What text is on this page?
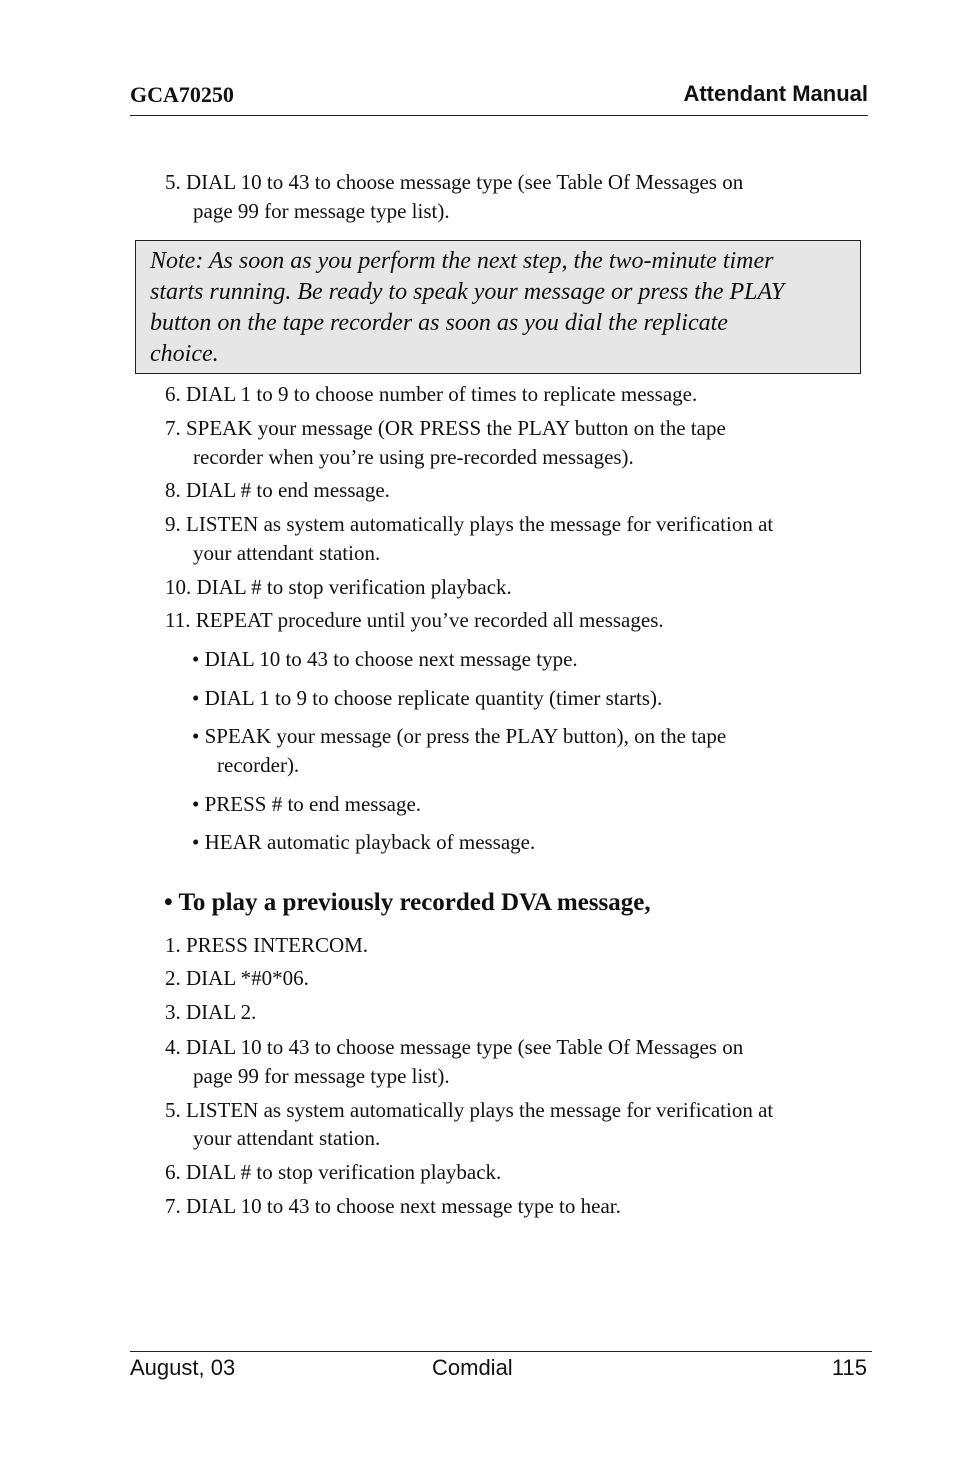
GCA70250	Attendant Manual
5. DIAL 10 to 43 to choose message type (see Table Of Messages on
page 99 for message type list).
Note: As soon as you perform the next step, the two-minute timer
starts running. Be ready to speak your message or press the PLAY
button on the tape recorder as soon as you dial the replicate
choice.
6. DIAL 1 to 9 to choose number of times to replicate message.
7. SPEAK your message (OR PRESS the PLAY button on the tape
recorder when you’re using pre-recorded messages).
8. DIAL # to end message.
9. LISTEN as system automatically plays the message for verification at
your attendant station.
10. DIAL # to stop verification playback.
11. REPEAT procedure until you’ve recorded all messages.
• DIAL 10 to 43 to choose next message type.
• DIAL 1 to 9 to choose replicate quantity (timer starts).
• SPEAK your message (or press the PLAY button), on the tape
recorder).
• PRESS # to end message.
• HEAR automatic playback of message.
• To play a previously recorded DVA message,
1. PRESS INTERCOM.
2. DIAL *#0*06.
3. DIAL 2.
4. DIAL 10 to 43 to choose message type (see Table Of Messages on
page 99 for message type list).
5. LISTEN as system automatically plays the message for verification at
your attendant station.
6. DIAL # to stop verification playback.
7. DIAL 10 to 43 to choose next message type to hear.
August, 03	Comdial	115
